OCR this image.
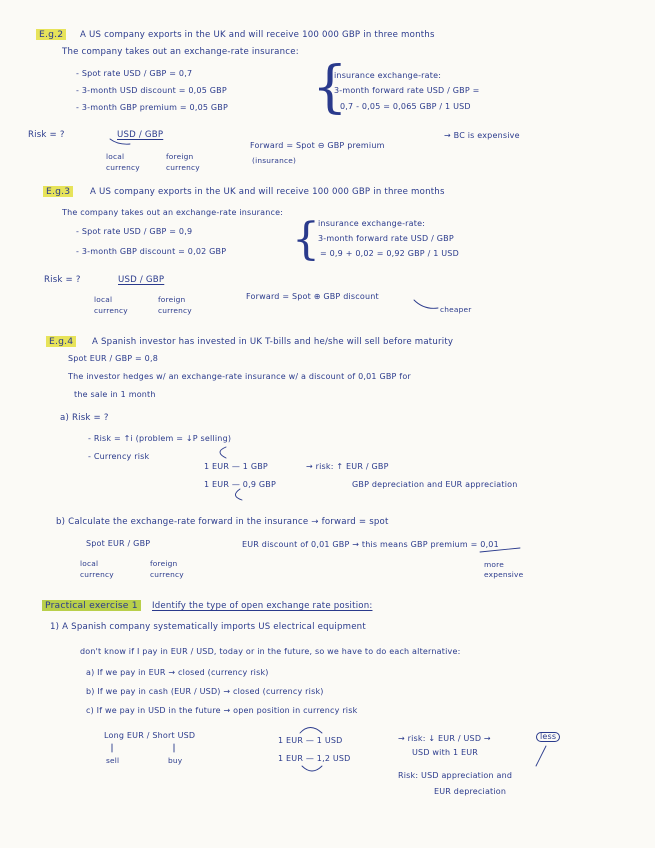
E.g.2	A US company exports in the UK and will receive 100 000 GBP in three months
The company takes out an exchange-rate insurance:
- Spot rate USD / GBP = 0,7
- 3-month USD discount = 0,05 GBP
- 3-month GBP premium = 0,05 GBP {
insurance exchange-rate:
3-month forward rate USD / GBP =
0,7 - 0,05 = 0,065 GBP / 1 USD
Risk = ?	USD / GBP
local currency
foreign currency
Forward = Spot ⊖ GBP premium
(insurance)
→ BC is expensive
E.g.3	A US company exports in the UK and will receive 100 000 GBP in three months
The company takes out an exchange-rate insurance:
- Spot rate USD / GBP = 0,9
- 3-month GBP discount = 0,02 GBP {
insurance exchange-rate:
3-month forward rate USD / GBP
= 0,9 + 0,02 = 0,92 GBP / 1 USD
Risk = ?	USD / GBP
local currency
foreign currency
Forward = Spot ⊕ GBP discount
cheaper
E.g.4	A Spanish investor has invested in UK T-bills and he/she will sell before maturity
Spot EUR / GBP = 0,8
The investor hedges w/ an exchange-rate insurance w/ a discount of 0,01 GBP for
the sale in 1 month
a) Risk = ?
- Risk = ↑i (problem = ↓P selling)
- Currency risk
1 EUR — 1 GBP	→ risk: ↑ EUR / GBP
1 EUR — 0,9 GBP	GBP depreciation and EUR appreciation
b) Calculate the exchange-rate forward in the insurance → forward = spot
Spot EUR / GBP
local currency
foreign currency
EUR discount of 0,01 GBP → this means GBP premium = 0,01
more expensive
Practical exercise 1	Identify the type of open exchange rate position:
1) A Spanish company systematically imports US electrical equipment
don't know if I pay in EUR / USD, today or in the future, so we have to do each alternative:
a) If we pay in EUR → closed (currency risk)
b) If we pay in cash (EUR / USD) → closed (currency risk)
c) If we pay in USD in the future → open position in currency risk
Long EUR / Short USD
sell	buy
1 EUR — 1 USD
1 EUR — 1,2 USD
→ risk: ↓ EUR / USD →	less
USD with 1 EUR
Risk: USD appreciation and
EUR depreciation
